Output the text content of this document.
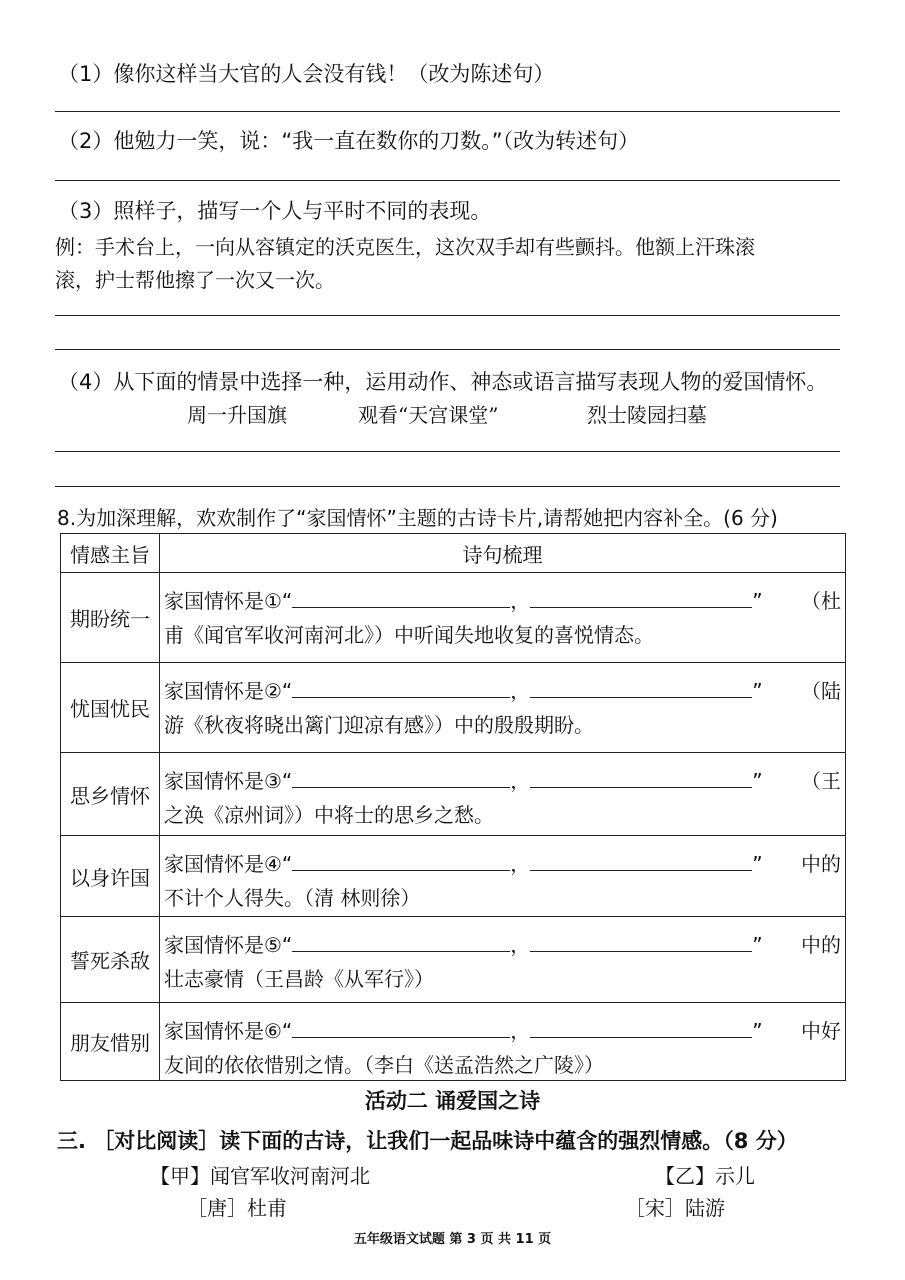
（1）像你这样当大官的人会没有钱！（改为陈述句）
（2）他勉力一笑，说：“我一直在数你的刀数。”（改为转述句）
（3）照样子，描写一个人与平时不同的表现。
例：手术台上，一向从容镇定的沃克医生，这次双手却有些颤抖。他额上汗珠滚
滚，护士帮他擦了一次又一次。
（4）从下面的情景中选择一种，运用动作、神态或语言描写表现人物的爱国情怀。
周一升国旗	观看“天宫课堂”	烈士陵园扫墓
8.为加深理解，欢欢制作了“家国情怀”主题的古诗卡片,请帮她把内容补全。(6 分)
情感主旨	诗句梳理
期盼统一	家国情怀是①“ ， ” （杜
甫《闻官军收河南河北》）中听闻失地收复的喜悦情态。

忧国忧民	家国情怀是②“ ， ” （陆
游《秋夜将晓出篱门迎凉有感》）中的殷殷期盼。

思乡情怀	家国情怀是③“ ， ” （王
之涣《凉州词》）中将士的思乡之愁。

以身许国	家国情怀是④“ ， ” 中的
不计个人得失。（清 林则徐）

誓死杀敌	家国情怀是⑤“ ， ” 中的
壮志豪情（王昌龄《从军行》）

朋友惜别	家国情怀是⑥“ ， ” 中好
友间的依依惜别之情。（李白《送孟浩然之广陵》）
活动二 诵爱国之诗
三. ［对比阅读］读下面的古诗，让我们一起品味诗中蕴含的强烈情感。（8 分）
【甲】闻官军收河南河北
［唐］杜甫
【乙】示儿
［宋］陆游
五年级语文试题 第 3 页 共 11 页
